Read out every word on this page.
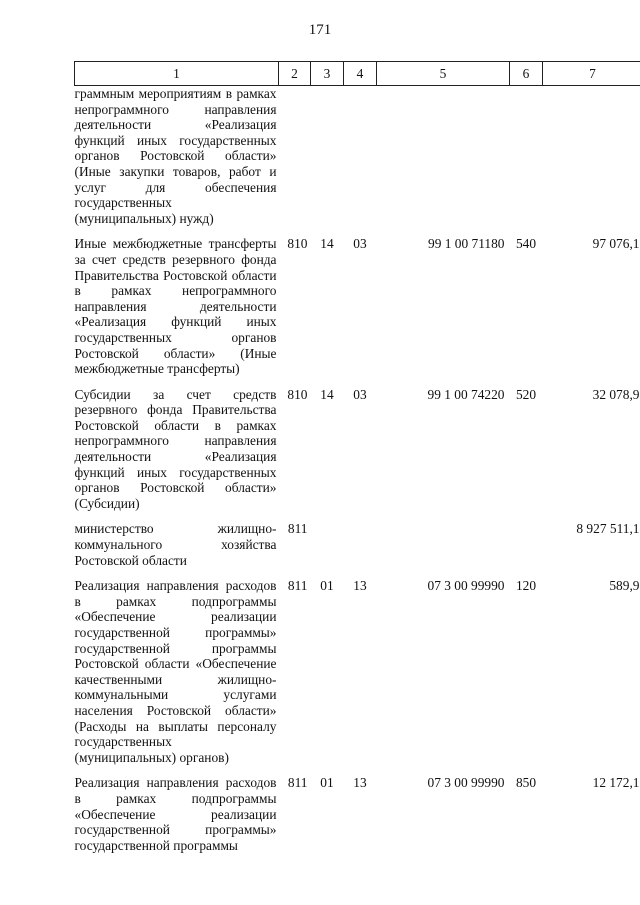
171
1	2	3	4	5	6	7
граммным мероприятиям в рамках непрограммного направления деятельности «Реализация функций иных государственных органов Ростовской области» (Иные закупки товаров, работ и услуг для обеспечения государственных (муниципальных) нужд)						
Иные межбюджетные трансферты за счет средств резервного фонда Правительства Ростовской области в рамках непрограммного направления деятельности «Реализация функций иных государственных органов Ростовской области» (Иные межбюджетные трансферты)	810	14	03	99 1 00 71180	540	97 076,1
Субсидии за счет средств резервного фонда Правительства Ростовской области в рамках непрограммного направления деятельности «Реализация функций иных государственных органов Ростовской области» (Субсидии)	810	14	03	99 1 00 74220	520	32 078,9
министерство жилищно-коммунального хозяйства Ростовской области	811					8 927 511,1
Реализация направления расходов в рамках подпрограммы «Обеспечение реализации государственной программы» государственной программы Ростовской области «Обеспечение качественными жилищно-коммунальными услугами населения Ростовской области» (Расходы на выплаты персоналу государственных (муниципальных) органов)	811	01	13	07 3 00 99990	120	589,9
Реализация направления расходов в рамках подпрограммы «Обеспечение реализации государственной программы» государственной программы	811	01	13	07 3 00 99990	850	12 172,1
